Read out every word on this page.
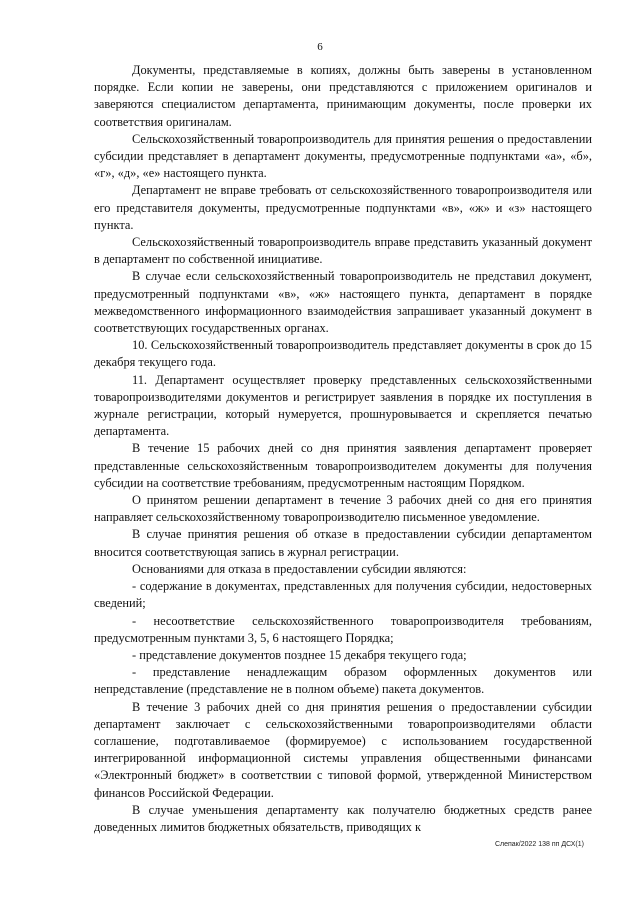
6

Документы, представляемые в копиях, должны быть заверены в установленном порядке. Если копии не заверены, они представляются с приложением оригиналов и заверяются специалистом департамента, принимающим документы, после проверки их соответствия оригиналам.

Сельскохозяйственный товаропроизводитель для принятия решения о предоставлении субсидии представляет в департамент документы, предусмотренные подпунктами «а», «б», «г», «д», «е» настоящего пункта.

Департамент не вправе требовать от сельскохозяйственного товаропроизводителя или его представителя документы, предусмотренные подпунктами «в», «ж» и «з» настоящего пункта.

Сельскохозяйственный товаропроизводитель вправе представить указанный документ в департамент по собственной инициативе.

В случае если сельскохозяйственный товаропроизводитель не представил документ, предусмотренный подпунктами «в», «ж» настоящего пункта, департамент в порядке межведомственного информационного взаимодействия запрашивает указанный документ в соответствующих государственных органах.

10. Сельскохозяйственный товаропроизводитель представляет документы в срок до 15 декабря текущего года.

11. Департамент осуществляет проверку представленных сельскохозяйственными товаропроизводителями документов и регистрирует заявления в порядке их поступления в журнале регистрации, который нумеруется, прошнуровывается и скрепляется печатью департамента.

В течение 15 рабочих дней со дня принятия заявления департамент проверяет представленные сельскохозяйственным товаропроизводителем документы для получения субсидии на соответствие требованиям, предусмотренным настоящим Порядком.

О принятом решении департамент в течение 3 рабочих дней со дня его принятия направляет сельскохозяйственному товаропроизводителю письменное уведомление.

В случае принятия решения об отказе в предоставлении субсидии департаментом вносится соответствующая запись в журнал регистрации.

Основаниями для отказа в предоставлении субсидии являются:

- содержание в документах, представленных для получения субсидии, недостоверных сведений;

- несоответствие сельскохозяйственного товаропроизводителя требованиям, предусмотренным пунктами 3, 5, 6 настоящего Порядка;

- представление документов позднее 15 декабря текущего года;

- представление ненадлежащим образом оформленных документов или непредставление (представление не в полном объеме) пакета документов.

В течение 3 рабочих дней со дня принятия решения о предоставлении субсидии департамент заключает с сельскохозяйственными товаропроизводителями области соглашение, подготавливаемое (формируемое) с использованием государственной интегрированной информационной системы управления общественными финансами «Электронный бюджет» в соответствии с типовой формой, утвержденной Министерством финансов Российской Федерации.

В случае уменьшения департаменту как получателю бюджетных средств ранее доведенных лимитов бюджетных обязательств, приводящих к

Слепак/2022 138 пп ДСХ(1)
